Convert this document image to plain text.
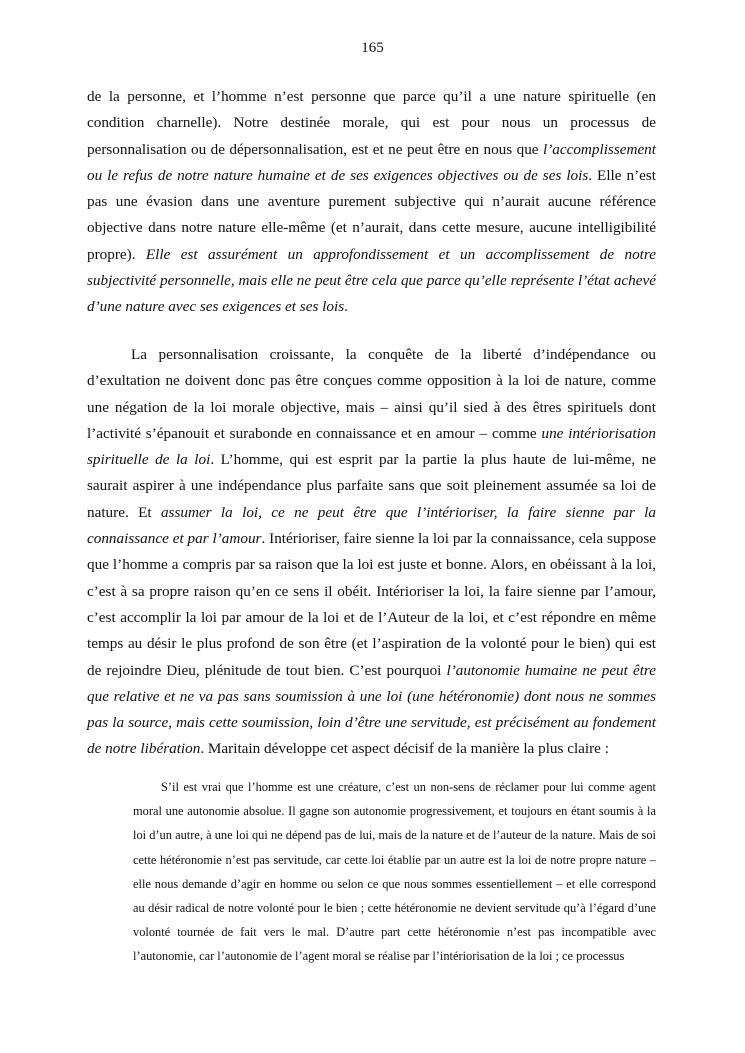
165

de la personne, et l’homme n’est personne que parce qu’il a une nature spirituelle (en condition charnelle). Notre destinée morale, qui est pour nous un processus de personnalisation ou de dépersonnalisation, est et ne peut être en nous que l’accomplissement ou le refus de notre nature humaine et de ses exigences objectives ou de ses lois. Elle n’est pas une évasion dans une aventure purement subjective qui n’aurait aucune référence objective dans notre nature elle-même (et n’aurait, dans cette mesure, aucune intelligibilité propre). Elle est assurément un approfondissement et un accomplissement de notre subjectivité personnelle, mais elle ne peut être cela que parce qu’elle représente l’état achevé d’une nature avec ses exigences et ses lois.

La personnalisation croissante, la conquête de la liberté d’indépendance ou d’exultation ne doivent donc pas être conçues comme opposition à la loi de nature, comme une négation de la loi morale objective, mais – ainsi qu’il sied à des êtres spirituels dont l’activité s’épanouit et surabonde en connaissance et en amour – comme une intériorisation spirituelle de la loi. L’homme, qui est esprit par la partie la plus haute de lui-même, ne saurait aspirer à une indépendance plus parfaite sans que soit pleinement assumée sa loi de nature. Et assumer la loi, ce ne peut être que l’intérioriser, la faire sienne par la connaissance et par l’amour. Intérioriser, faire sienne la loi par la connaissance, cela suppose que l’homme a compris par sa raison que la loi est juste et bonne. Alors, en obéissant à la loi, c’est à sa propre raison qu’en ce sens il obéit. Intérioriser la loi, la faire sienne par l’amour, c’est accomplir la loi par amour de la loi et de l’Auteur de la loi, et c’est répondre en même temps au désir le plus profond de son être (et l’aspiration de la volonté pour le bien) qui est de rejoindre Dieu, plénitude de tout bien. C’est pourquoi l’autonomie humaine ne peut être que relative et ne va pas sans soumission à une loi (une hétéronomie) dont nous ne sommes pas la source, mais cette soumission, loin d’être une servitude, est précisément au fondement de notre libération. Maritain développe cet aspect décisif de la manière la plus claire :

S’il est vrai que l’homme est une créature, c’est un non-sens de réclamer pour lui comme agent moral une autonomie absolue. Il gagne son autonomie progressivement, et toujours en étant soumis à la loi d’un autre, à une loi qui ne dépend pas de lui, mais de la nature et de l’auteur de la nature. Mais de soi cette hétéronomie n’est pas servitude, car cette loi établie par un autre est la loi de notre propre nature – elle nous demande d’agir en homme ou selon ce que nous sommes essentiellement – et elle correspond au désir radical de notre volonté pour le bien ; cette hétéronomie ne devient servitude qu’à l’égard d’une volonté tournée de fait vers le mal. D’autre part cette hétéronomie n’est pas incompatible avec l’autonomie, car l’autonomie de l’agent moral se réalise par l’intériorisation de la loi ; ce processus
